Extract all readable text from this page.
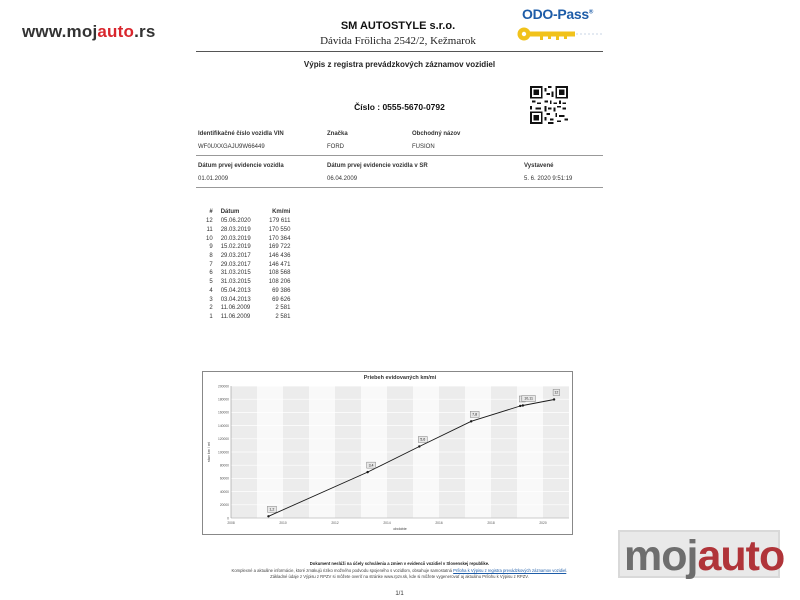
www.mojauto.rs	SM AUTOSTYLE s.r.o.
Dávida Frölicha 2542/2, Kežmarok
ODO-Pass®
Výpis z registra prevádzkových záznamov vozidiel
Číslo : 0555-5670-0792
Identifikačné číslo vozidla VIN
WF0UXXGAJU9W66449
Značka
FORD
Obchodný názov
FUSION
Dátum prvej evidencie vozidla
01.01.2009
Dátum prvej evidencie vozidla v SR
06.04.2009
Vystavené
5. 6. 2020 9:51:19
#	Dátum	Km/mi
12	05.06.2020	179 611
11	28.03.2019	170 550
10	20.03.2019	170 364
9	15.02.2019	169 722
8	29.03.2017	146 436
7	29.03.2017	146 471
6	31.03.2015	108 568
5	31.03.2015	108 206
4	05.04.2013	69 386
3	03.04.2013	69 626
2	11.06.2009	2 581
1	11.06.2009	2 581
Priebeh evidovaných km/mi
0
20000
40000
60000
80000
100000
120000
140000
160000
180000
200000
2008	2010	2012	2014	2016	2018	2020
obdobie
stav km / mi
1,2
3,4
5,6
7,8
10,11
12
Dokument neslúži na účely schválenia a zmien v evidencii vozidiel v Slovenskej republike.
Komplexné a aktuálne informácie, ktoré zmäkujú riziko možného podvodu spojeného s vozidlom, obsahuje samostatná Príloha k Výpisu z registra prevádzkových záznamov vozidiel.
Základné údaje z Výpisu z RPZV si môžete overiť na stránke www.rpzv.sk, kde si môžete vygenerovať aj aktuálnu Prílohu k Výpisu z RPZV.
1/1
mojauto
